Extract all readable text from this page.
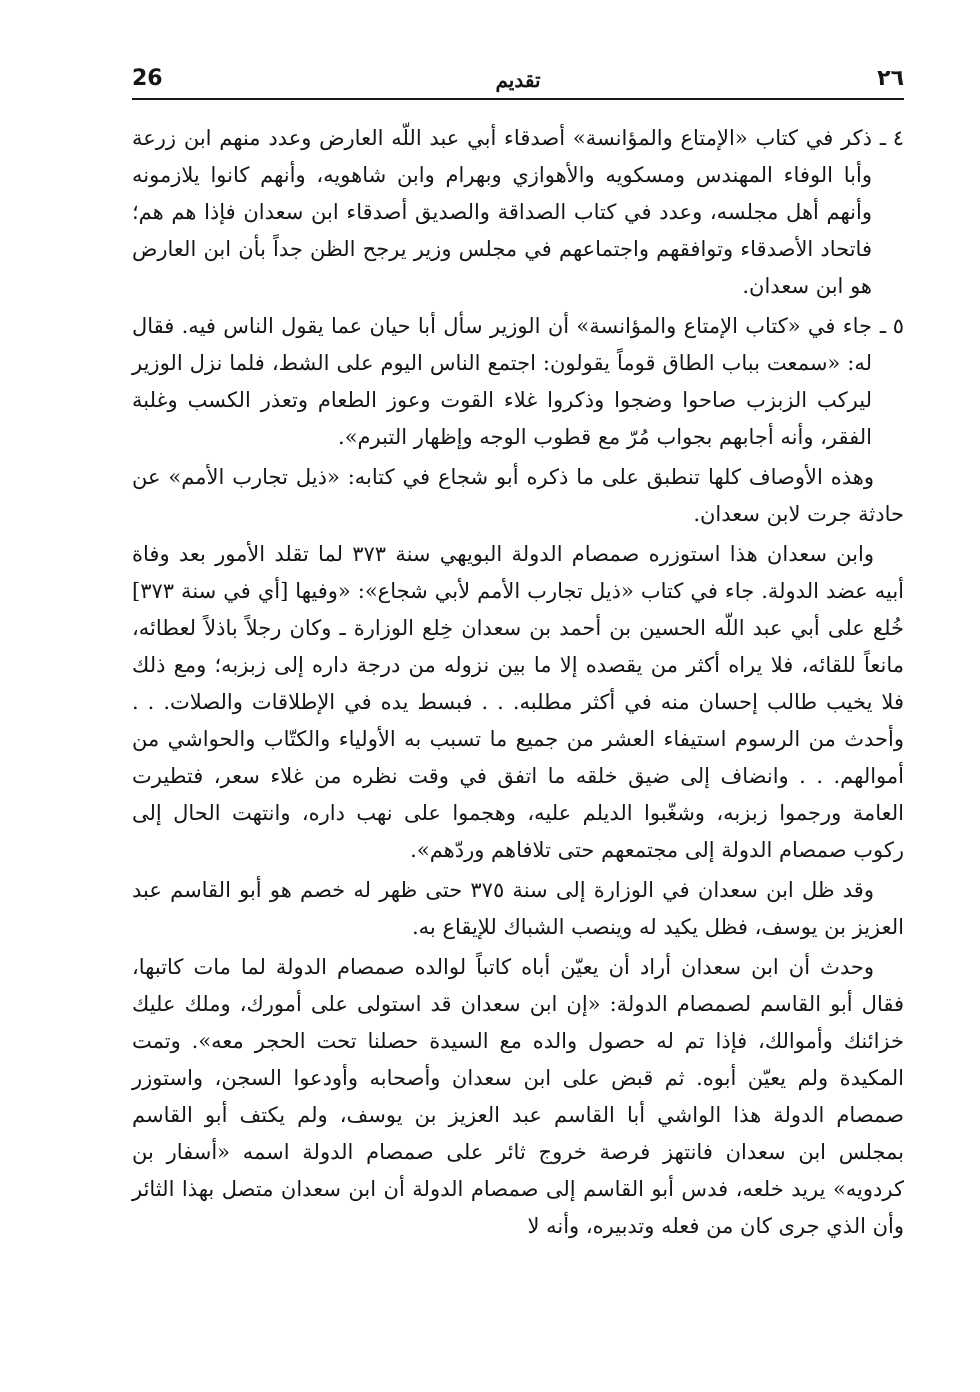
٢٦
تقديم
26
٤ ـ
ذكر في كتاب «الإمتاع والمؤانسة» أصدقاء أبي عبد اللّه العارض وعدد منهم ابن زرعة وأبا الوفاء المهندس ومسكويه والأهوازي وبهرام وابن شاهويه، وأنهم كانوا يلازمونه وأنهم أهل مجلسه، وعدد في كتاب الصداقة والصديق أصدقاء ابن سعدان فإذا هم هم؛ فاتحاد الأصدقاء وتوافقهم واجتماعهم في مجلس وزير يرجح الظن جداً بأن ابن العارض هو ابن سعدان.
٥ ـ
جاء في «كتاب الإمتاع والمؤانسة» أن الوزير سأل أبا حيان عما يقول الناس فيه. فقال له: «سمعت بباب الطاق قوماً يقولون: اجتمع الناس اليوم على الشط، فلما نزل الوزير ليركب الزبزب صاحوا وضجوا وذكروا غلاء القوت وعوز الطعام وتعذر الكسب وغلبة الفقر، وأنه أجابهم بجواب مُرّ مع قطوب الوجه وإظهار التبرم».

وهذه الأوصاف كلها تنطبق على ما ذكره أبو شجاع في كتابه: «ذيل تجارب الأمم» عن حادثة جرت لابن سعدان.

وابن سعدان هذا استوزره صمصام الدولة البويهي سنة ٣٧٣ لما تقلد الأمور بعد وفاة أبيه عضد الدولة. جاء في كتاب «ذيل تجارب الأمم لأبي شجاع»: «وفيها [أي في سنة ٣٧٣] خُلع على أبي عبد اللّه الحسين بن أحمد بن سعدان خِلع الوزارة ـ وكان رجلاً باذلاً لعطائه، مانعاً للقائه، فلا يراه أكثر من يقصده إلا ما بين نزوله من درجة داره إلى زبزبه؛ ومع ذلك فلا يخيب طالب إحسان منه في أكثر مطلبه. . . فبسط يده في الإطلاقات والصلات. . . وأحدث من الرسوم استيفاء العشر من جميع ما تسبب به الأولياء والكتّاب والحواشي من أموالهم. . . وانضاف إلى ضيق خلقه ما اتفق في وقت نظره من غلاء سعر، فتطيرت العامة ورجموا زبزبه، وشغّبوا الديلم عليه، وهجموا على نهب داره، وانتهت الحال إلى ركوب صمصام الدولة إلى مجتمعهم حتى تلافاهم وردّهم».

وقد ظل ابن سعدان في الوزارة إلى سنة ٣٧٥ حتى ظهر له خصم هو أبو القاسم عبد العزيز بن يوسف، فظل يكيد له وينصب الشباك للإيقاع به.

وحدث أن ابن سعدان أراد أن يعيّن أباه كاتباً لوالده صمصام الدولة لما مات كاتبها، فقال أبو القاسم لصمصام الدولة: «إن ابن سعدان قد استولى على أمورك، وملك عليك خزائنك وأموالك، فإذا تم له حصول والده مع السيدة حصلنا تحت الحجر معه». وتمت المكيدة ولم يعيّن أبوه. ثم قبض على ابن سعدان وأصحابه وأودعوا السجن، واستوزر صمصام الدولة هذا الواشي أبا القاسم عبد العزيز بن يوسف، ولم يكتف أبو القاسم بمجلس ابن سعدان فانتهز فرصة خروج ثائر على صمصام الدولة اسمه «أسفار بن كردويه» يريد خلعه، فدس أبو القاسم إلى صمصام الدولة أن ابن سعدان متصل بهذا الثائر وأن الذي جرى كان من فعله وتدبيره، وأنه لا
